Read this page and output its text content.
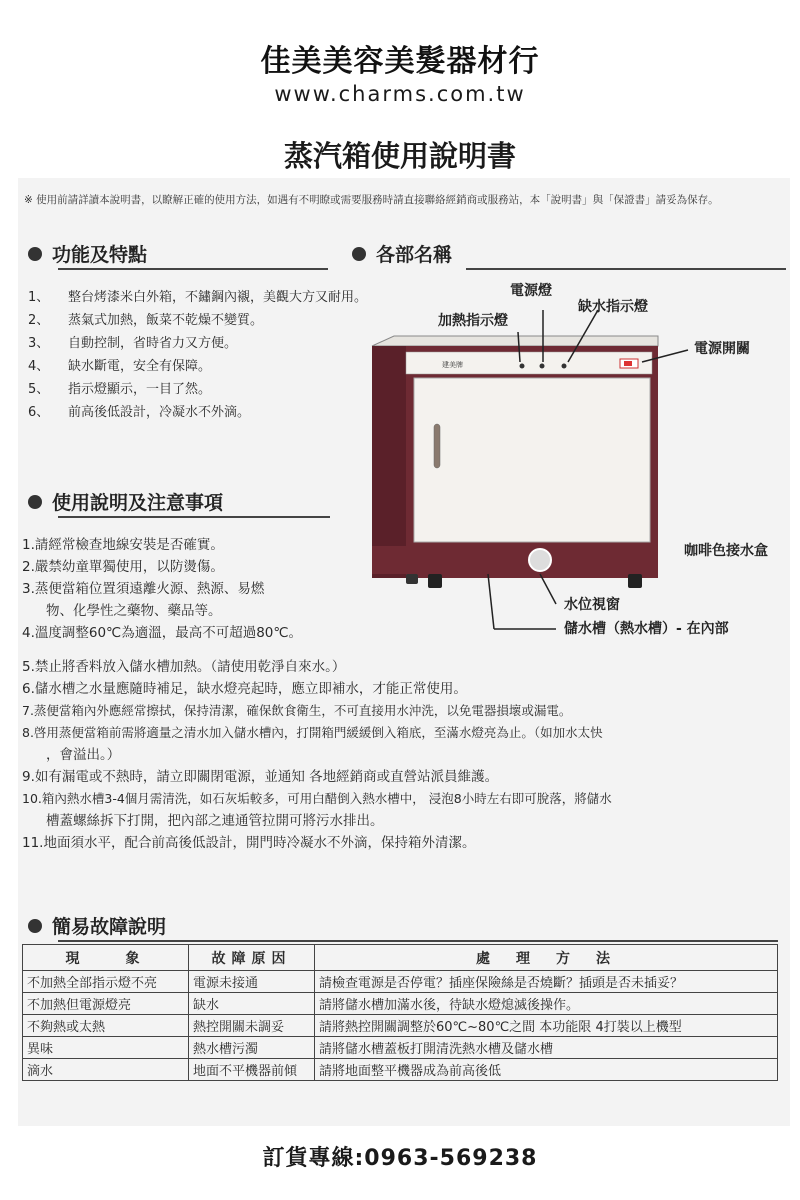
佳美美容美髮器材行
www.charms.com.tw
蒸汽箱使用說明書
※ 使用前請詳讀本說明書，以瞭解正確的使用方法，如遇有不明瞭或需要服務時請直接聯絡經銷商或服務站，本「說明書」與「保證書」請妥為保存。
功能及特點
1、 整台烤漆米白外箱，不鏽鋼內襯，美觀大方又耐用。
2、 蒸氣式加熱，飯菜不乾燥不變質。
3、 自動控制，省時省力又方便。
4、 缺水斷電，安全有保障。
5、 指示燈顯示，一目了然。
6、 前高後低設計，冷凝水不外滴。
各部名稱
建美牌
電源燈
加熱指示燈
缺水指示燈
電源開關
咖啡色接水盒
水位視窗
儲水槽（熱水槽）- 在內部
使用說明及注意事項
1.請經常檢查地線安裝是否確實。
2.嚴禁幼童單獨使用，以防燙傷。
3.蒸便當箱位置須遠離火源、熱源、易燃
物、化學性之藥物、藥品等。
4.溫度調整60℃為適溫，最高不可超過80℃。
5.禁止將香料放入儲水槽加熱。（請使用乾淨自來水。）
6.儲水槽之水量應隨時補足，缺水燈亮起時，應立即補水，才能正常使用。
7.蒸便當箱內外應經常擦拭，保持清潔，確保飲食衛生，不可直接用水沖洗，以免電器損壞或漏電。
8.啓用蒸便當箱前需將適量之清水加入儲水槽內，打開箱門緩緩倒入箱底，至滿水燈亮為止。（如加水太快
，會溢出。）
9.如有漏電或不熱時，請立即關閉電源，並通知 各地經銷商或直營站派員維護。
10.箱內熱水槽3-4個月需清洗，如石灰垢較多，可用白醋倒入熱水槽中， 浸泡8小時左右即可脫落，將儲水
槽蓋螺絲拆下打開，把內部之連通管拉開可將污水排出。
11.地面須水平，配合前高後低設計，開門時冷凝水不外滴，保持箱外清潔。
簡易故障說明
現　　象	故障原因	處　理　方　法
不加熱全部指示燈不亮	電源未接通	請檢查電源是否停電？插座保險絲是否燒斷？插頭是否未插妥？
不加熱但電源燈亮	缺水	請將儲水槽加滿水後，待缺水燈熄滅後操作。
不夠熱或太熱	熱控開關未調妥	請將熱控開關調整於60℃~80℃之間 本功能限 4打裝以上機型
異味	熱水槽污濁	請將儲水槽蓋板打開清洗熱水槽及儲水槽
滴水	地面不平機器前傾	請將地面整平機器成為前高後低
訂貨專線:0963-569238
